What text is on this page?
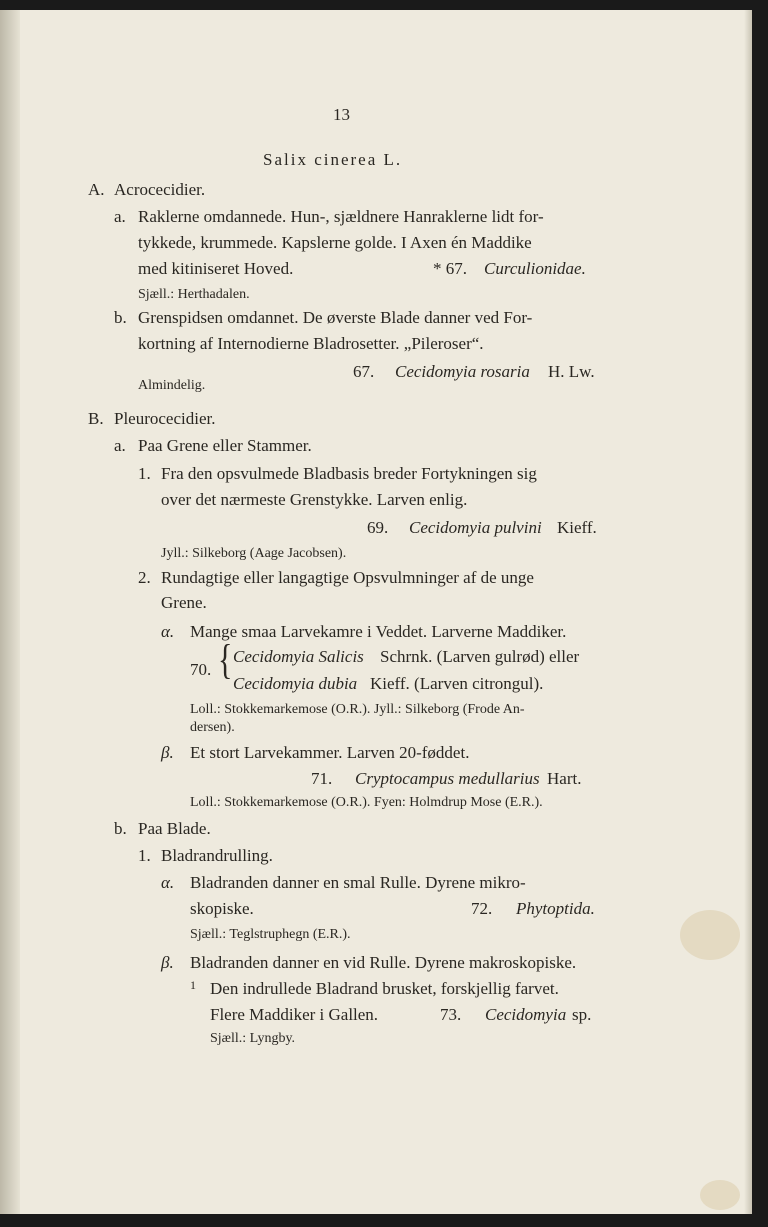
13
Salix cinerea L.
A. Acrocecidier.
a. Raklerne omdannede. Hun-, sjældnere Hanraklerne lidt for-
tykkede, krummede. Kapslerne golde. I Axen én Maddike
med kitiniseret Hoved.	* 67. Curculionidae.
Sjæll.: Herthadalen.
b. Grenspidsen omdannet. De øverste Blade danner ved For-
kortning af Internodierne Bladrosetter. „Pileroser“.
67. Cecidomyia rosaria H. Lw.
Almindelig.
B. Pleurocecidier.
a. Paa Grene eller Stammer.
1. Fra den opsvulmede Bladbasis breder Fortykningen sig
over det nærmeste Grenstykke. Larven enlig.
69. Cecidomyia pulvini Kieff.
Jyll.: Silkeborg (Aage Jacobsen).
2. Rundagtige eller langagtige Opsvulmninger af de unge
Grene.
α. Mange smaa Larvekamre i Veddet. Larverne Maddiker.
70. { Cecidomyia Salicis Schrnk. (Larven gulrød) eller
Cecidomyia dubia Kieff. (Larven citrongul).
Loll.: Stokkemarkemose (O.R.). Jyll.: Silkeborg (Frode An-
dersen).
β. Et stort Larvekammer. Larven 20-føddet.
71. Cryptocampus medullarius Hart.
Loll.: Stokkemarkemose (O.R.). Fyen: Holmdrup Mose (E.R.).
b. Paa Blade.
1. Bladrandrulling.
α. Bladranden danner en smal Rulle. Dyrene mikro-
skopiske.	72. Phytoptida.
Sjæll.: Teglstruphegn (E.R.).
β. Bladranden danner en vid Rulle. Dyrene makroskopiske.
1 Den indrullede Bladrand brusket, forskjellig farvet.
Flere Maddiker i Gallen.	73. Cecidomyia sp.
Sjæll.: Lyngby.
